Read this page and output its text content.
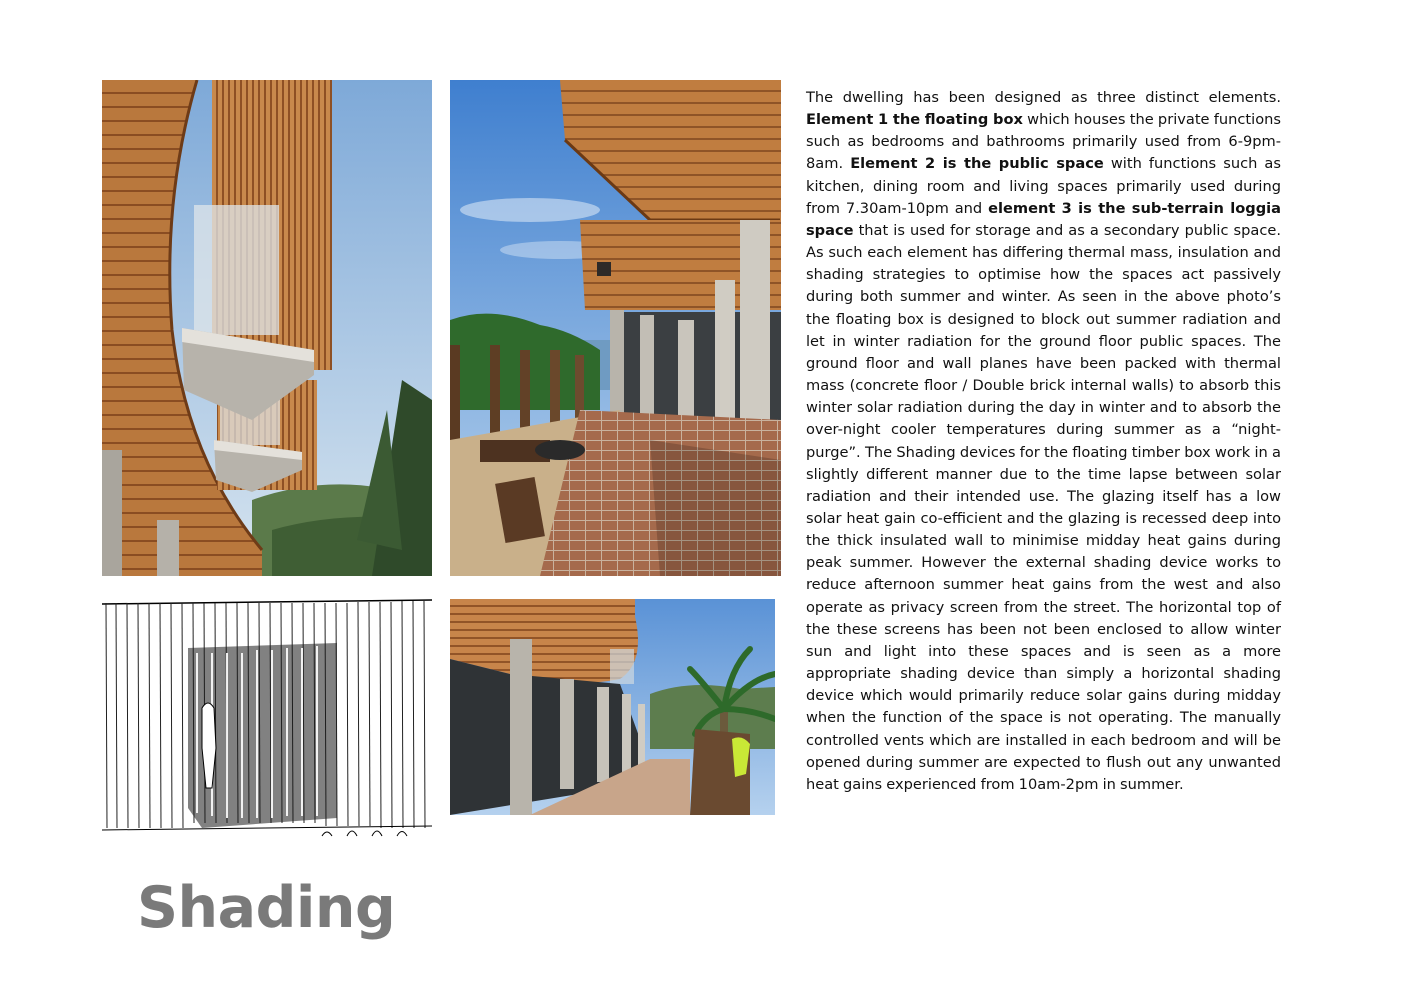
The dwelling has been designed as three distinct elements. Element 1 the floating box which houses the private functions such as bedrooms and bathrooms primarily used from 6-9pm-8am. Element 2 is the public space with functions such as kitchen, dining room and living spaces primarily used during from 7.30am-10pm and element 3 is the sub-terrain loggia space that is used for storage and as a secondary public space. As such each element has differing thermal mass, insulation and shading strategies to optimise how the spaces act passively during both summer and winter. As seen in the above photo’s the floating box is designed to block out summer radiation and let in winter radiation for the ground floor public spaces. The ground floor and wall planes have been packed with thermal mass (concrete floor / Double brick internal walls) to absorb this winter solar radiation during the day in winter and to absorb the over-night cooler temperatures during summer as a “night-purge”. The Shading devices for the floating timber box work in a slightly different manner due to the time lapse between solar radiation and their intended use. The glazing itself has a low solar heat gain co-efficient and the glazing is recessed deep into the thick insulated wall to minimise midday heat gains during peak summer. However the external shading device works to reduce afternoon summer heat gains from the west and also operate as privacy screen from the street. The horizontal top of the these screens has been not been enclosed to allow winter sun and light into these spaces and is seen as a more appropriate shading device than simply a horizontal shading device which would primarily reduce solar gains during midday when the function of the space is not operating. The manually controlled vents which are installed in each bedroom and will be opened during summer are expected to flush out any unwanted heat gains experienced from 10am-2pm in summer.

Shading
